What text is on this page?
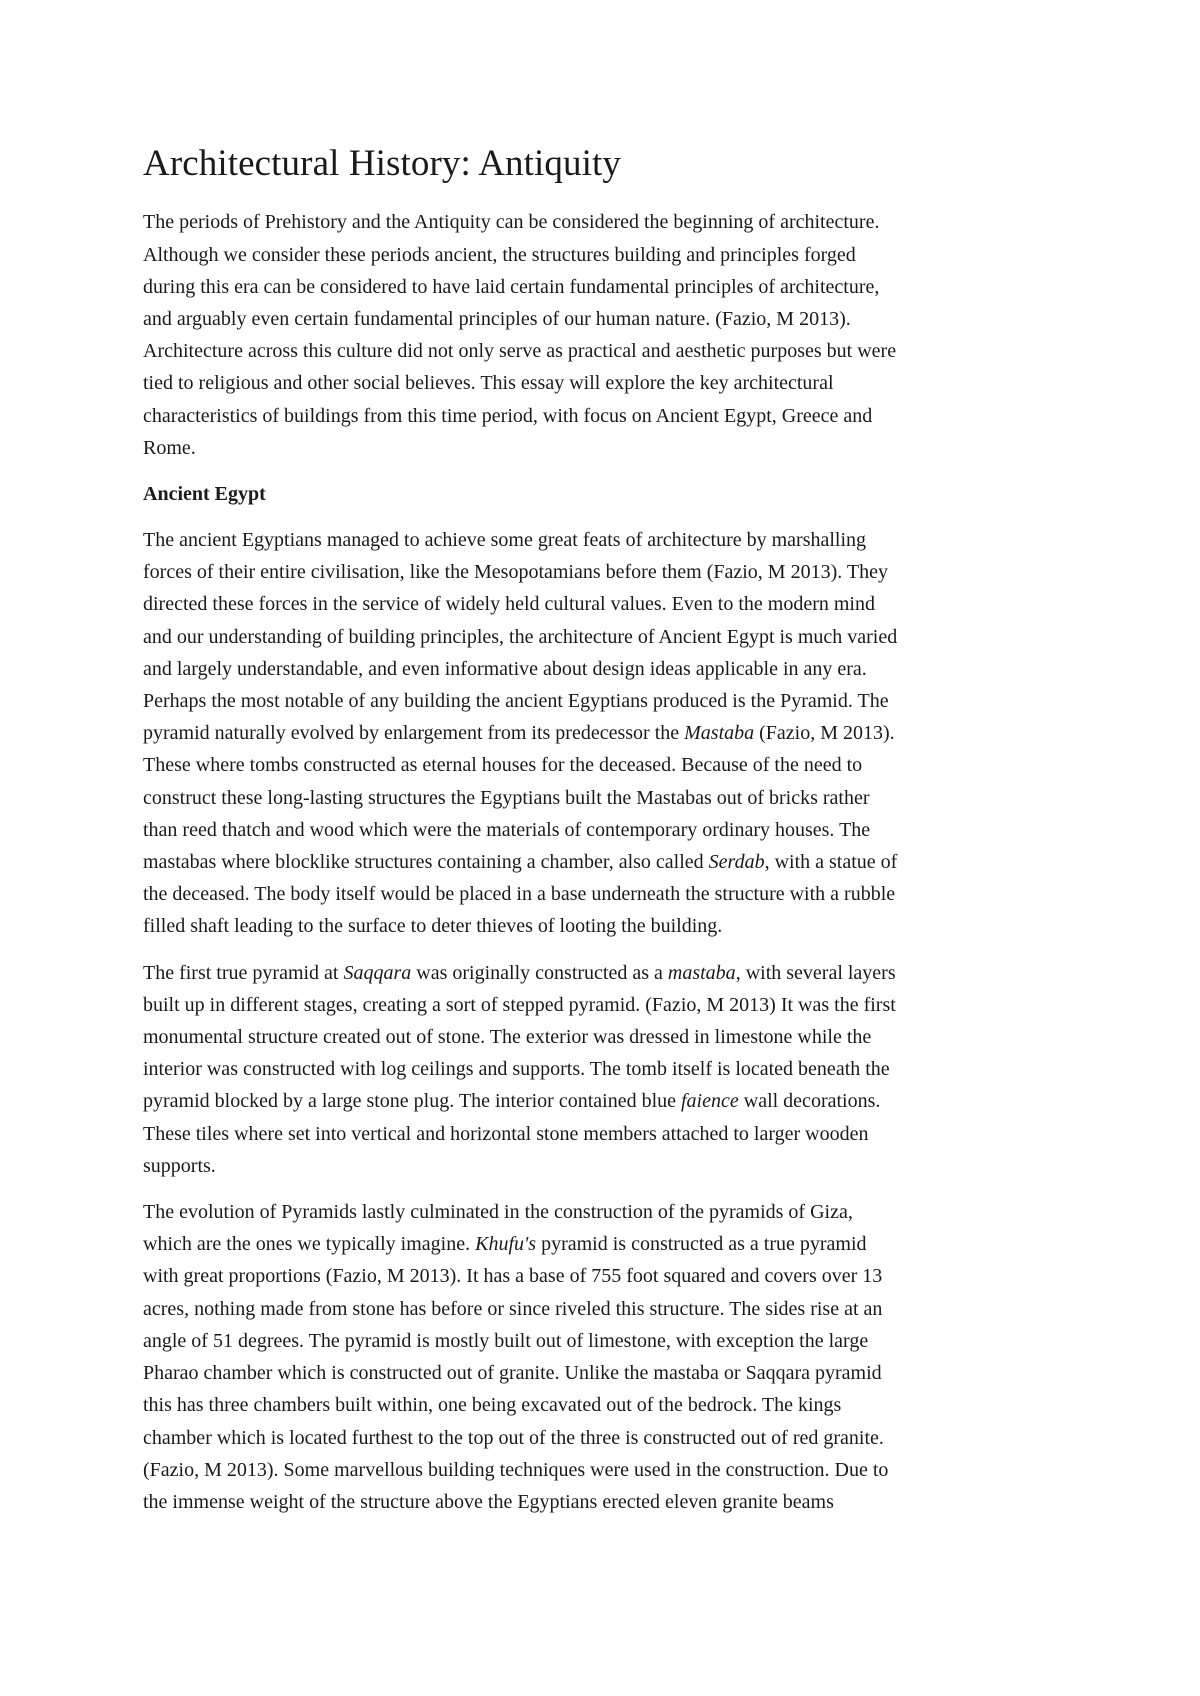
Architectural History: Antiquity

The periods of Prehistory and the Antiquity can be considered the beginning of architecture.
Although we consider these periods ancient, the structures building and principles forged
during this era can be considered to have laid certain fundamental principles of architecture,
and arguably even certain fundamental principles of our human nature. (Fazio, M 2013).
Architecture across this culture did not only serve as practical and aesthetic purposes but were
tied to religious and other social believes. This essay will explore the key architectural
characteristics of buildings from this time period, with focus on Ancient Egypt, Greece and
Rome.

Ancient Egypt

The ancient Egyptians managed to achieve some great feats of architecture by marshalling
forces of their entire civilisation, like the Mesopotamians before them (Fazio, M 2013). They
directed these forces in the service of widely held cultural values. Even to the modern mind
and our understanding of building principles, the architecture of Ancient Egypt is much varied
and largely understandable, and even informative about design ideas applicable in any era.
Perhaps the most notable of any building the ancient Egyptians produced is the Pyramid. The
pyramid naturally evolved by enlargement from its predecessor the Mastaba (Fazio, M 2013).
These where tombs constructed as eternal houses for the deceased. Because of the need to
construct these long-lasting structures the Egyptians built the Mastabas out of bricks rather
than reed thatch and wood which were the materials of contemporary ordinary houses. The
mastabas where blocklike structures containing a chamber, also called Serdab, with a statue of
the deceased. The body itself would be placed in a base underneath the structure with a rubble
filled shaft leading to the surface to deter thieves of looting the building.

The first true pyramid at Saqqara was originally constructed as a mastaba, with several layers
built up in different stages, creating a sort of stepped pyramid. (Fazio, M 2013) It was the first
monumental structure created out of stone. The exterior was dressed in limestone while the
interior was constructed with log ceilings and supports. The tomb itself is located beneath the
pyramid blocked by a large stone plug. The interior contained blue faience wall decorations.
These tiles where set into vertical and horizontal stone members attached to larger wooden
supports.

The evolution of Pyramids lastly culminated in the construction of the pyramids of Giza,
which are the ones we typically imagine. Khufu's pyramid is constructed as a true pyramid
with great proportions (Fazio, M 2013). It has a base of 755 foot squared and covers over 13
acres, nothing made from stone has before or since riveled this structure. The sides rise at an
angle of 51 degrees. The pyramid is mostly built out of limestone, with exception the large
Pharao chamber which is constructed out of granite. Unlike the mastaba or Saqqara pyramid
this has three chambers built within, one being excavated out of the bedrock. The kings
chamber which is located furthest to the top out of the three is constructed out of red granite.
(Fazio, M 2013). Some marvellous building techniques were used in the construction. Due to
the immense weight of the structure above the Egyptians erected eleven granite beams
